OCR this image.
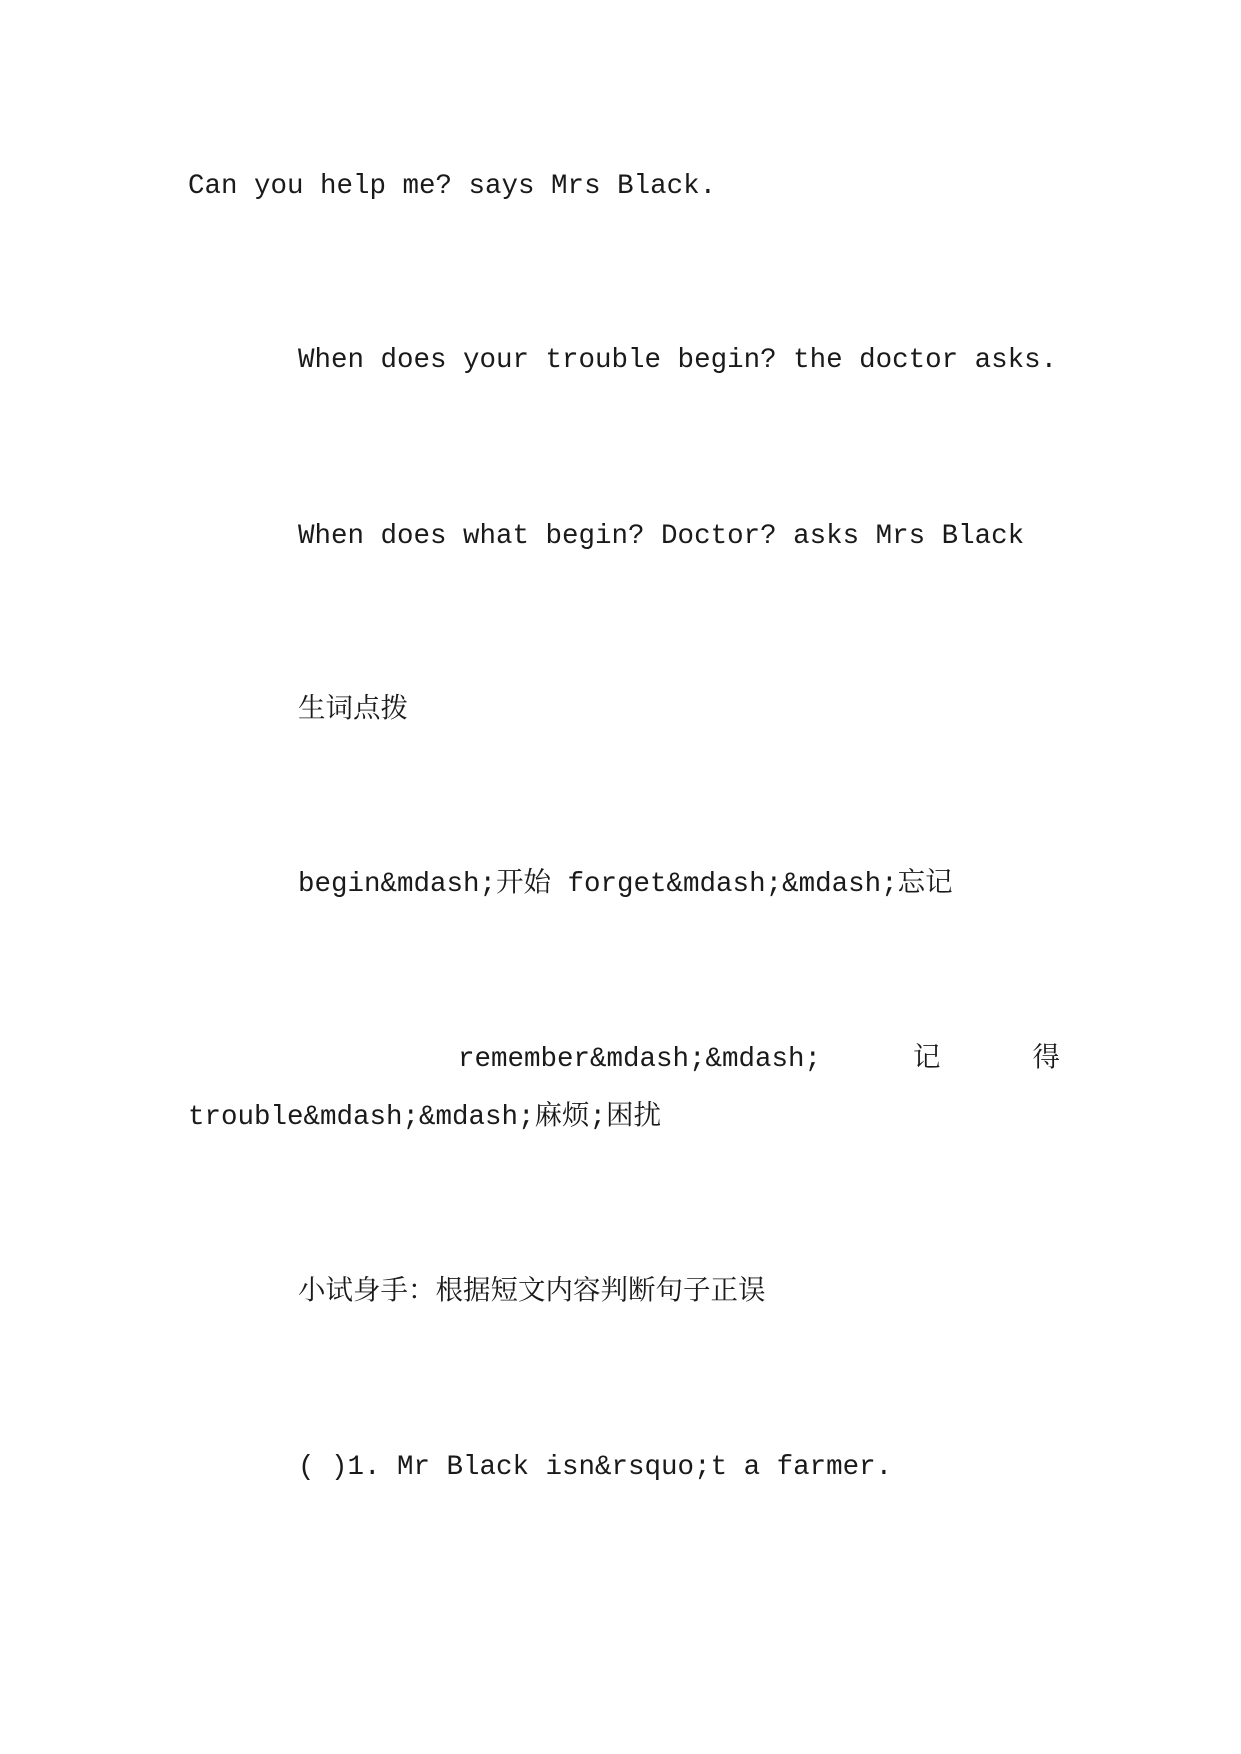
Can you help me? says Mrs Black.

When does your trouble begin? the doctor asks.

When does what begin? Doctor? asks Mrs Black

生词点拨

begin&mdash;开始 forget&mdash;&mdash;忘记

remember&mdash;&mdash;	记	得

trouble&mdash;&mdash;麻烦;困扰

小试身手：根据短文内容判断句子正误

( )1. Mr Black isn&rsquo;t a farmer.
